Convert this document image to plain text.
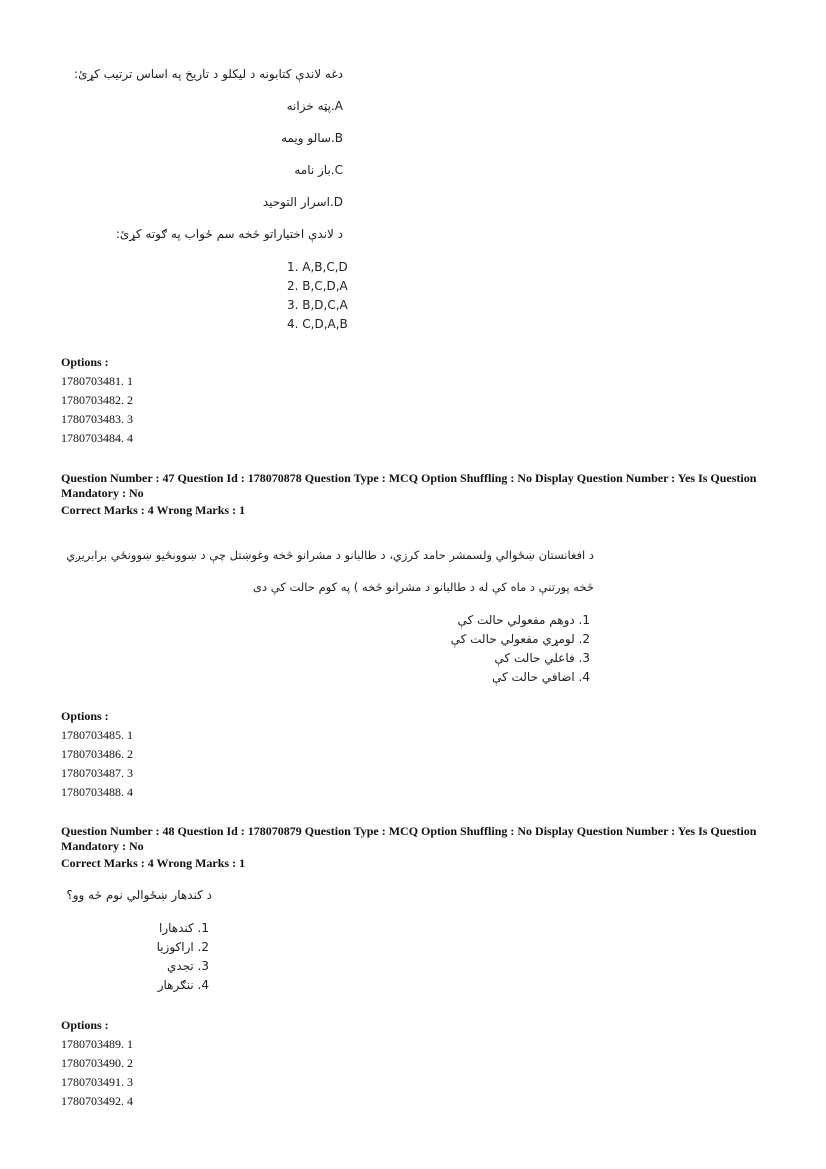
دغه لاندې کتابونه د لیکلو د تاریخ په اساس ترتیب کړئ:
A.پټه خزانه
B.سالو ويمه
C.باز نامه
D.اسرار التوحید
د لاندې اختیاراتو څخه سم ځواب په ګوته کړئ:
1. A,B,C,D
2. B,C,D,A
3. B,D,C,A
4. C,D,A,B
Options :
1780703481. 1
1780703482. 2
1780703483. 3
1780703484. 4
Question Number : 47 Question Id : 178070878 Question Type : MCQ Option Shuffling : No Display Question Number : Yes Is Question Mandatory : No
Correct Marks : 4 Wrong Marks : 1
د افغانستان ښځوالي ولسمشر حامد کرزي، د طالبانو د مشرانو څخه وغوښتل چې د ښوونځیو ښوونځي برابريږي
څخه پورتنې د ماه کې له د طالبانو د مشرانو څخه ) په کوم حالت کې دی
1. دوهم مفعولي حالت کې
2. لومړي مفعولي حالت کې
3. فاعلي حالت کې
4. اضافي حالت کې
Options :
1780703485. 1
1780703486. 2
1780703487. 3
1780703488. 4
Question Number : 48 Question Id : 178070879 Question Type : MCQ Option Shuffling : No Display Question Number : Yes Is Question Mandatory : No
Correct Marks : 4 Wrong Marks : 1
د کندهار ښځوالي نوم څه وو؟
1. کندهارا
2. اراکوزیا
3. تجدي
4. ننګرهار
Options :
1780703489. 1
1780703490. 2
1780703491. 3
1780703492. 4
